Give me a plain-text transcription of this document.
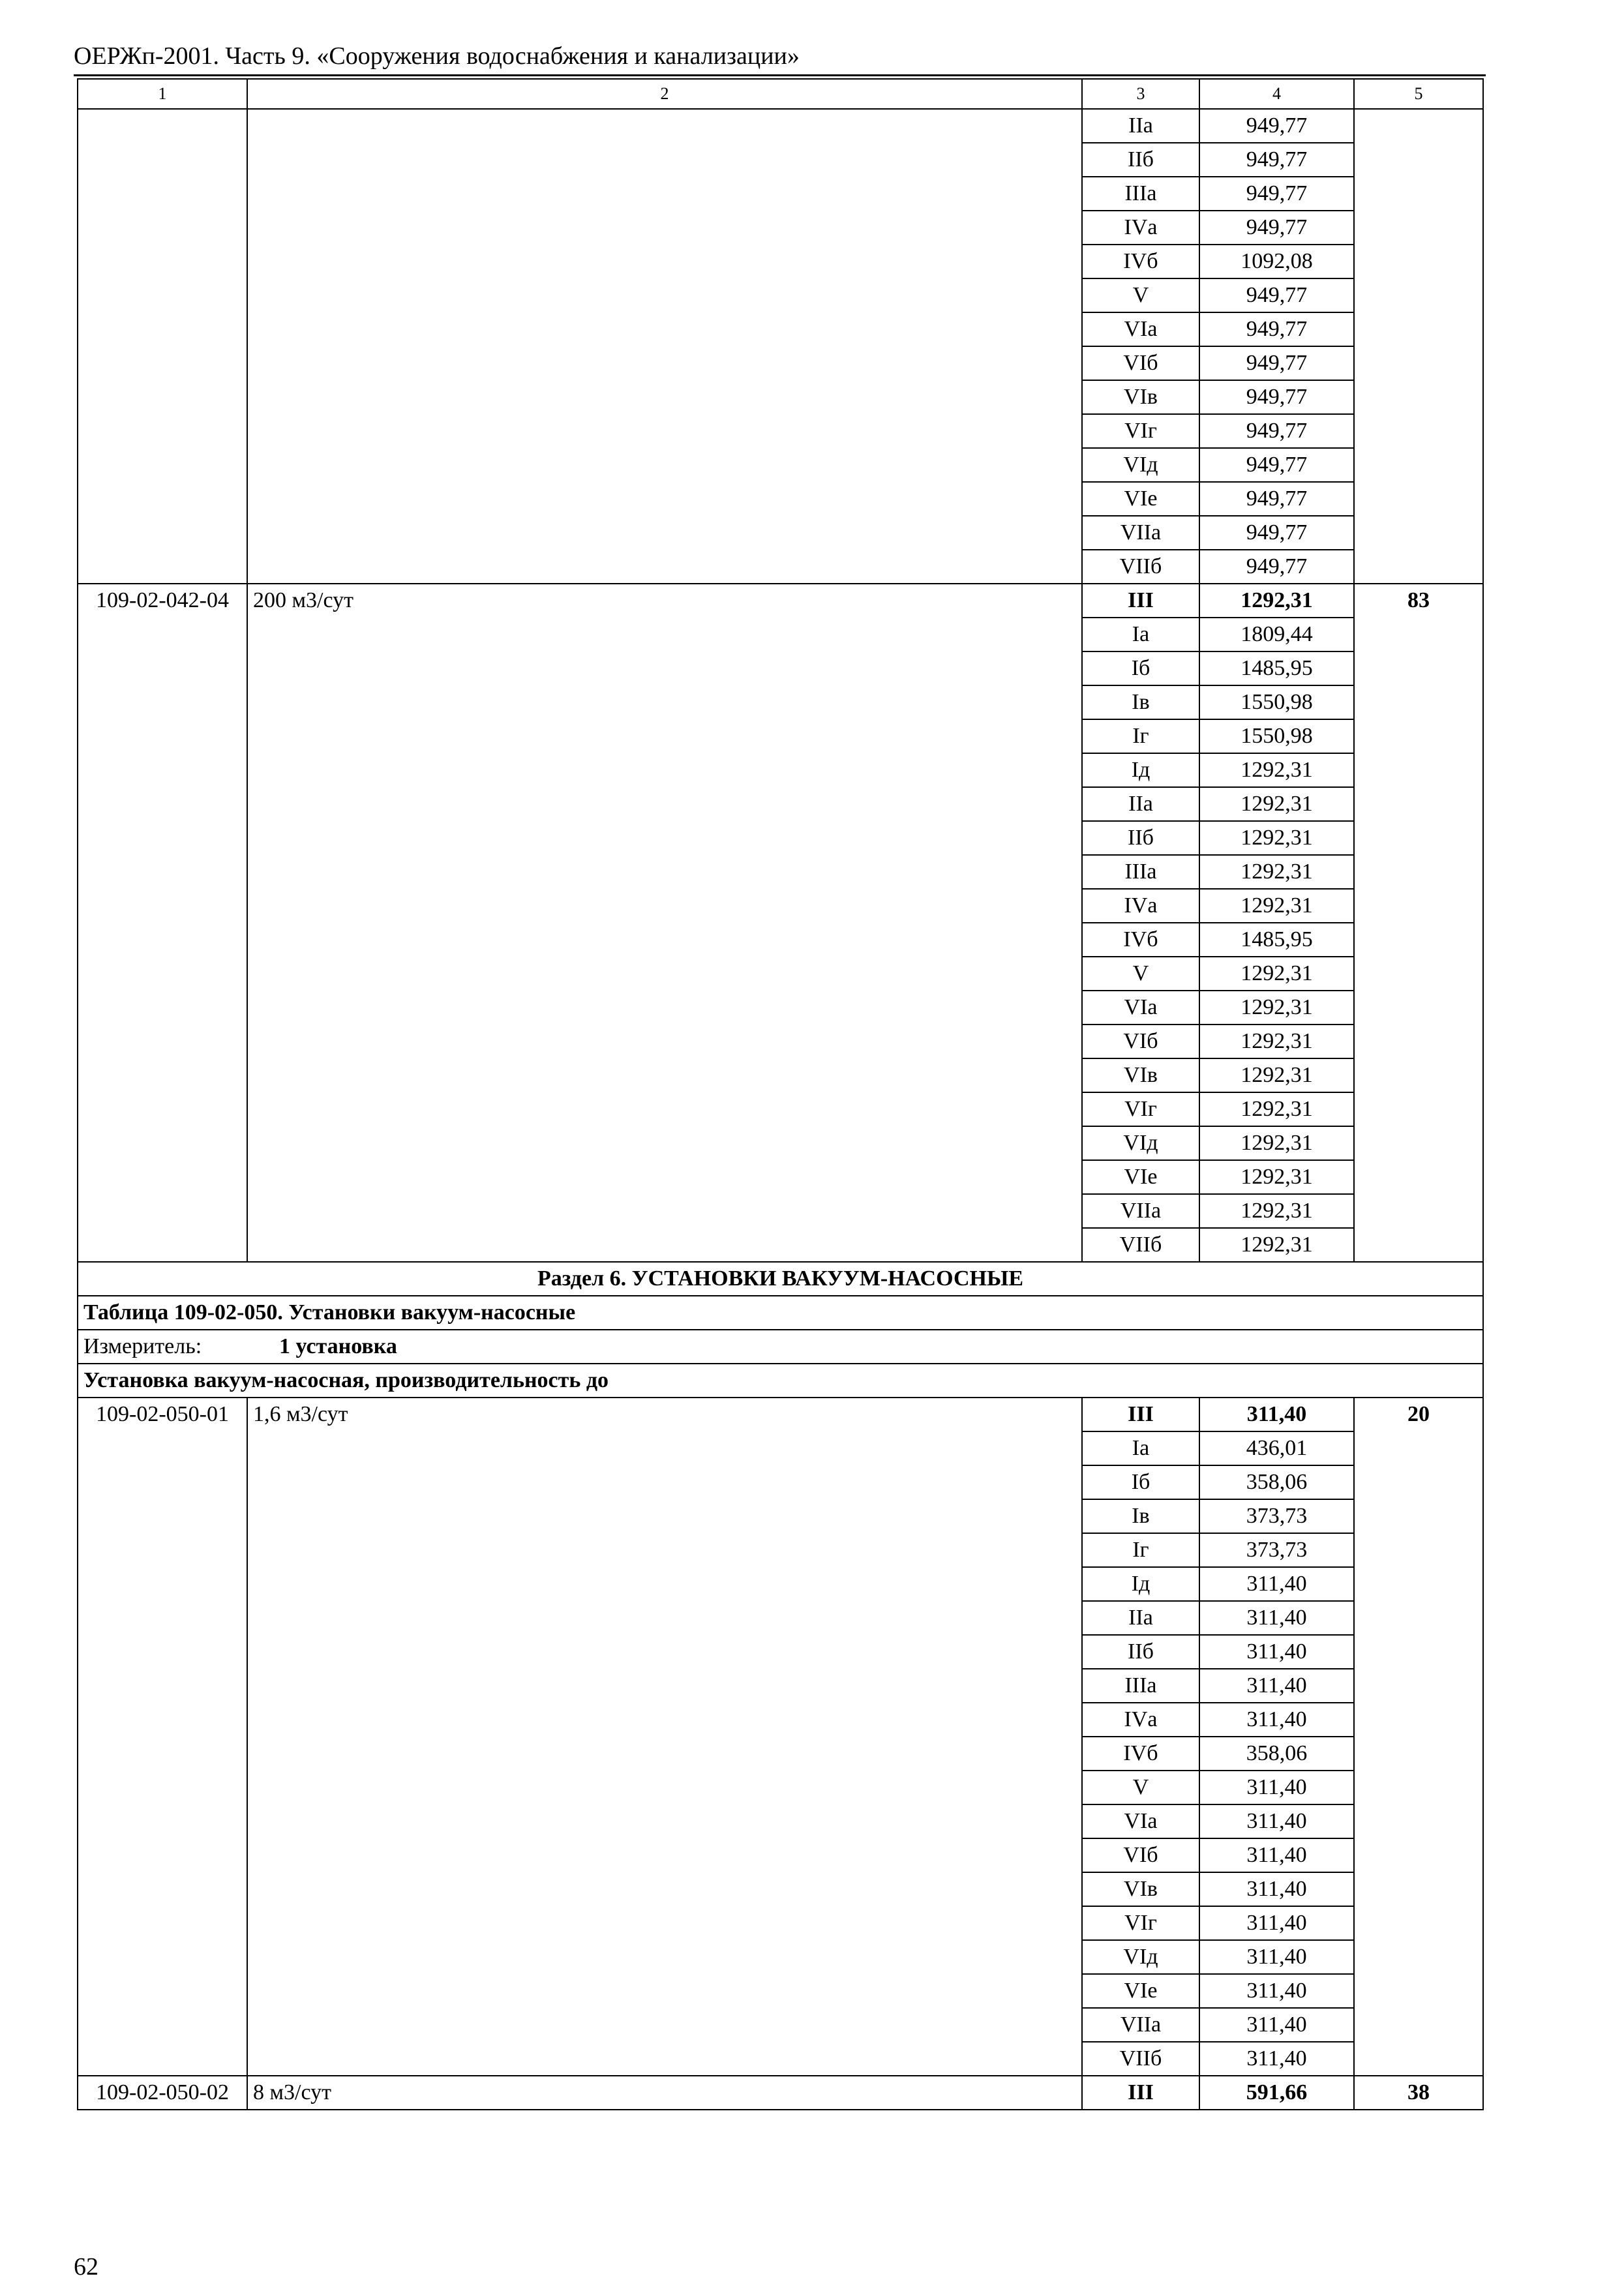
ОЕРЖп-2001. Часть 9. «Сооружения водоснабжения и канализации»
1	2	3	4	5
		IIа	949,77	
		IIб	949,77	
		IIIа	949,77	
		IVа	949,77	
		IVб	1092,08	
		V	949,77	
		VIа	949,77	
		VIб	949,77	
		VIв	949,77	
		VIг	949,77	
		VIд	949,77	
		VIе	949,77	
		VIIа	949,77	
		VIIб	949,77	
109-02-042-04	200 м3/сут	III	1292,31	83
		Iа	1809,44	
		Iб	1485,95	
		Iв	1550,98	
		Iг	1550,98	
		Iд	1292,31	
		IIа	1292,31	
		IIб	1292,31	
		IIIа	1292,31	
		IVа	1292,31	
		IVб	1485,95	
		V	1292,31	
		VIа	1292,31	
		VIб	1292,31	
		VIв	1292,31	
		VIг	1292,31	
		VIд	1292,31	
		VIе	1292,31	
		VIIа	1292,31	
		VIIб	1292,31	
Раздел 6. УСТАНОВКИ ВАКУУМ-НАСОСНЫЕ				
Таблица 109-02-050. Установки вакуум-насосные				
Измеритель: 1 установка				
Установка вакуум-насосная, производительность до				
109-02-050-01	1,6 м3/сут	III	311,40	20
		Iа	436,01	
		Iб	358,06	
		Iв	373,73	
		Iг	373,73	
		Iд	311,40	
		IIа	311,40	
		IIб	311,40	
		IIIа	311,40	
		IVа	311,40	
		IVб	358,06	
		V	311,40	
		VIа	311,40	
		VIб	311,40	
		VIв	311,40	
		VIг	311,40	
		VIд	311,40	
		VIе	311,40	
		VIIа	311,40	
		VIIб	311,40	
109-02-050-02	8 м3/сут	III	591,66	38
62
